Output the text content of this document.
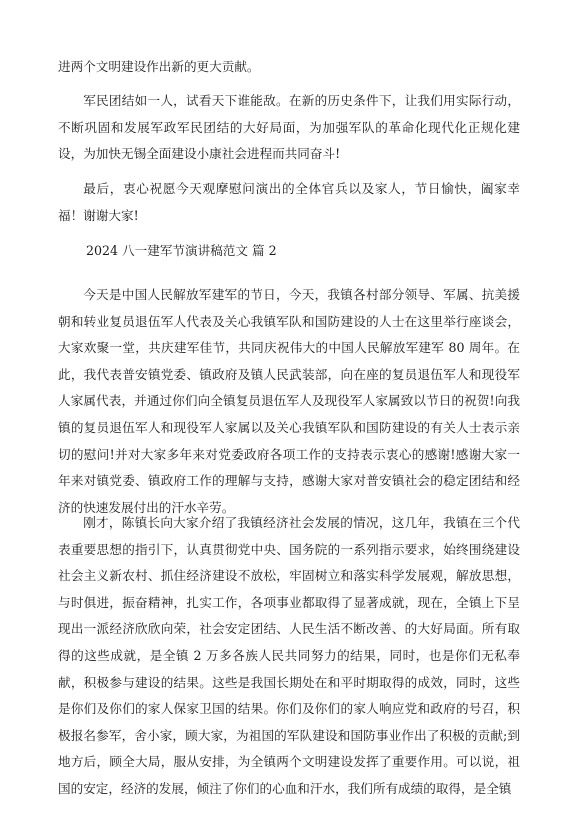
进两个文明建设作出新的更大贡献。

军民团结如一人，试看天下谁能敌。在新的历史条件下，让我们用实际行动，不断巩固和发展军政军民团结的大好局面，为加强军队的革命化现代化正规化建设，为加快无锡全面建设小康社会进程而共同奋斗!

最后，衷心祝愿今天观摩慰问演出的全体官兵以及家人，节日愉快，阖家幸福！谢谢大家!

2024 八一建军节演讲稿范文 篇 2

今天是中国人民解放军建军的节日，今天，我镇各村部分领导、军属、抗美援朝和转业复员退伍军人代表及关心我镇军队和国防建设的人士在这里举行座谈会，大家欢聚一堂，共庆建军佳节，共同庆祝伟大的中国人民解放军建军 80 周年。在此，我代表普安镇党委、镇政府及镇人民武装部，向在座的复员退伍军人和现役军人家属代表，并通过你们向全镇复员退伍军人及现役军人家属致以节日的祝贺!向我镇的复员退伍军人和现役军人家属以及关心我镇军队和国防建设的有关人士表示亲切的慰问!并对大家多年来对党委政府各项工作的支持表示衷心的感谢!感谢大家一年来对镇党委、镇政府工作的理解与支持，感谢大家对普安镇社会的稳定团结和经济的快速发展付出的汗水辛劳。

刚才，陈镇长向大家介绍了我镇经济社会发展的情况，这几年，我镇在三个代表重要思想的指引下，认真贯彻党中央、国务院的一系列指示要求，始终围绕建设社会主义新农村、抓住经济建设不放松，牢固树立和落实科学发展观，解放思想，与时俱进，振奋精神，扎实工作，各项事业都取得了显著成就，现在，全镇上下呈现出一派经济欣欣向荣，社会安定团结、人民生活不断改善、的大好局面。所有取得的这些成就，是全镇 2 万多各族人民共同努力的结果，同时，也是你们无私奉献，积极参与建设的结果。这些是我国长期处在和平时期取得的成效，同时，这些是你们及你们的家人保家卫国的结果。你们及你们的家人响应党和政府的号召，积极报名参军，舍小家，顾大家，为祖国的军队建设和国防事业作出了积极的贡献;到地方后，顾全大局，服从安排，为全镇两个文明建设发挥了重要作用。可以说，祖国的安定，经济的发展，倾注了你们的心血和汗水，我们所有成绩的取得，是全镇
